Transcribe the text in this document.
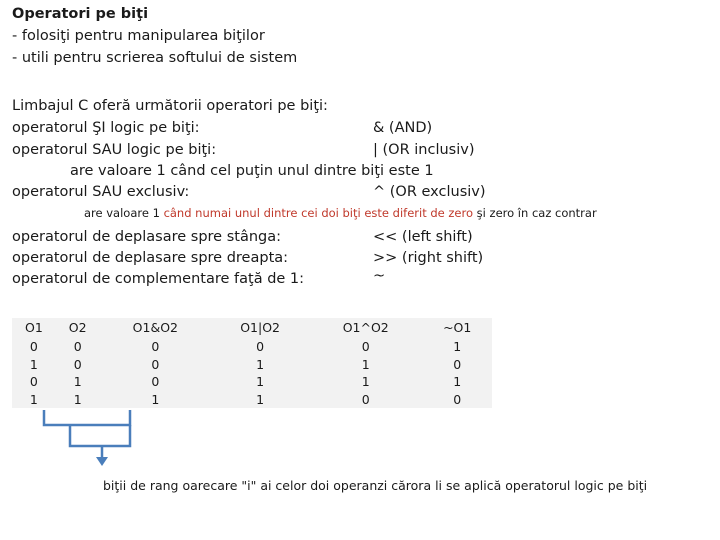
Operatori pe biţi
- folosiţi pentru manipularea biţilor
- utili pentru scrierea softului de sistem
Limbajul C oferă următorii operatori pe biţi:
operatorul ŞI logic pe biţi:	& (AND)
operatorul SAU logic pe biţi:	| (OR inclusiv)
are valoare 1 când cel puţin unul dintre biţi este 1
operatorul SAU exclusiv:	^ (OR exclusiv)
are valoare 1 când numai unul dintre cei doi biţi este diferit de zero şi zero în caz contrar
operatorul de deplasare spre stânga:	<< (left shift)
operatorul de deplasare spre dreapta:	>> (right shift)
operatorul de complementare faţă de 1:	~
O1	O2	O1&O2	O1|O2	O1^O2	~O1
0	0	0	0	0	1
1	0	0	1	1	0
0	1	0	1	1	1
1	1	1	1	0	0
biţii de rang oarecare "i" ai celor doi operanzi cărora li se aplică operatorul logic pe biţi
